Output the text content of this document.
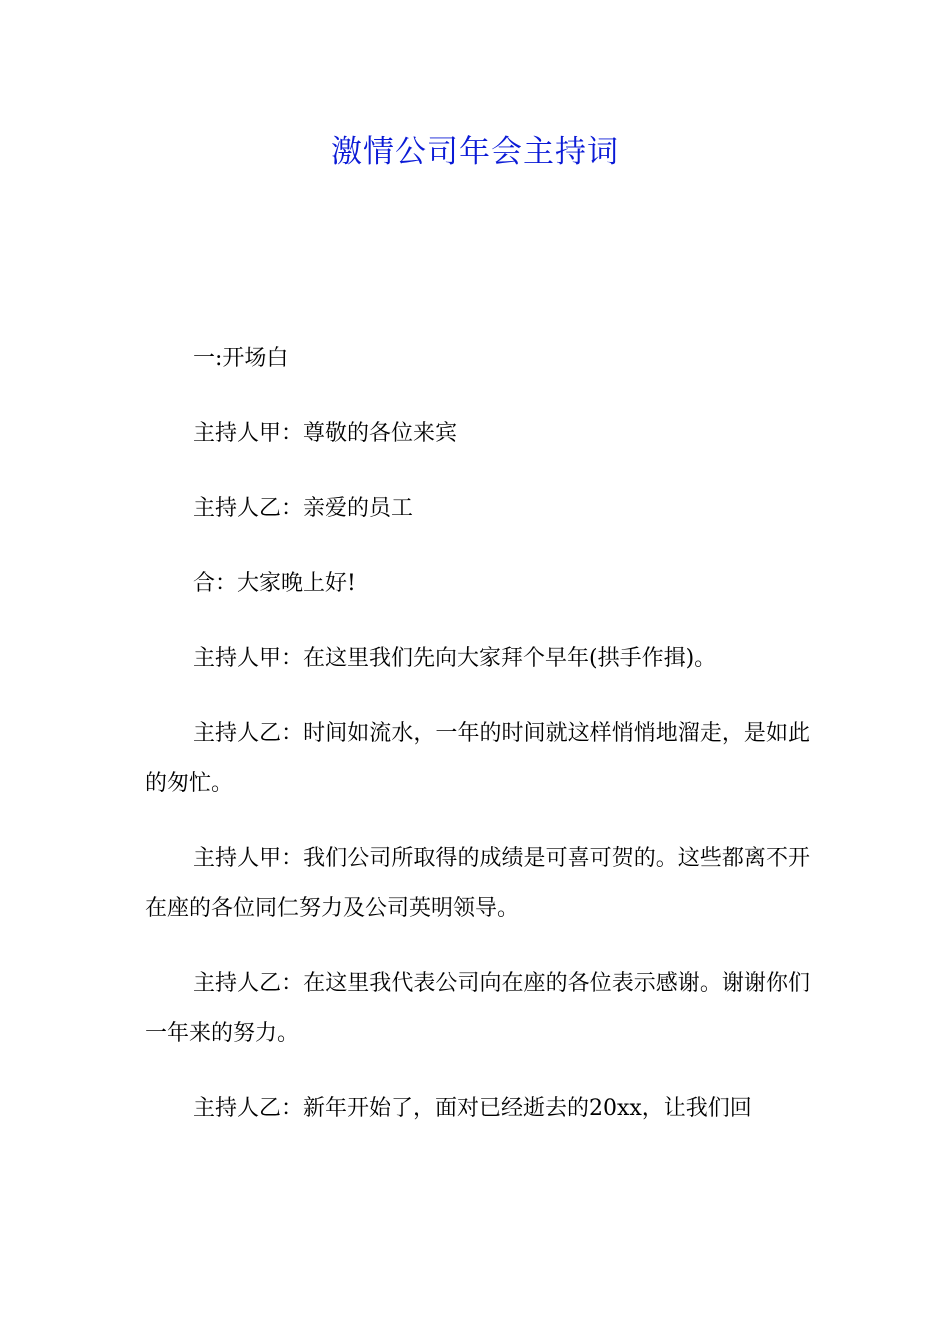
激情公司年会主持词

一:开场白

主持人甲：尊敬的各位来宾

主持人乙：亲爱的员工

合：大家晚上好!

主持人甲：在这里我们先向大家拜个早年(拱手作揖)。

主持人乙：时间如流水，一年的时间就这样悄悄地溜走，是如此的匆忙。

主持人甲：我们公司所取得的成绩是可喜可贺的。这些都离不开在座的各位同仁努力及公司英明领导。

主持人乙：在这里我代表公司向在座的各位表示感谢。谢谢你们一年来的努力。

主持人乙：新年开始了，面对已经逝去的20xx，让我们回
